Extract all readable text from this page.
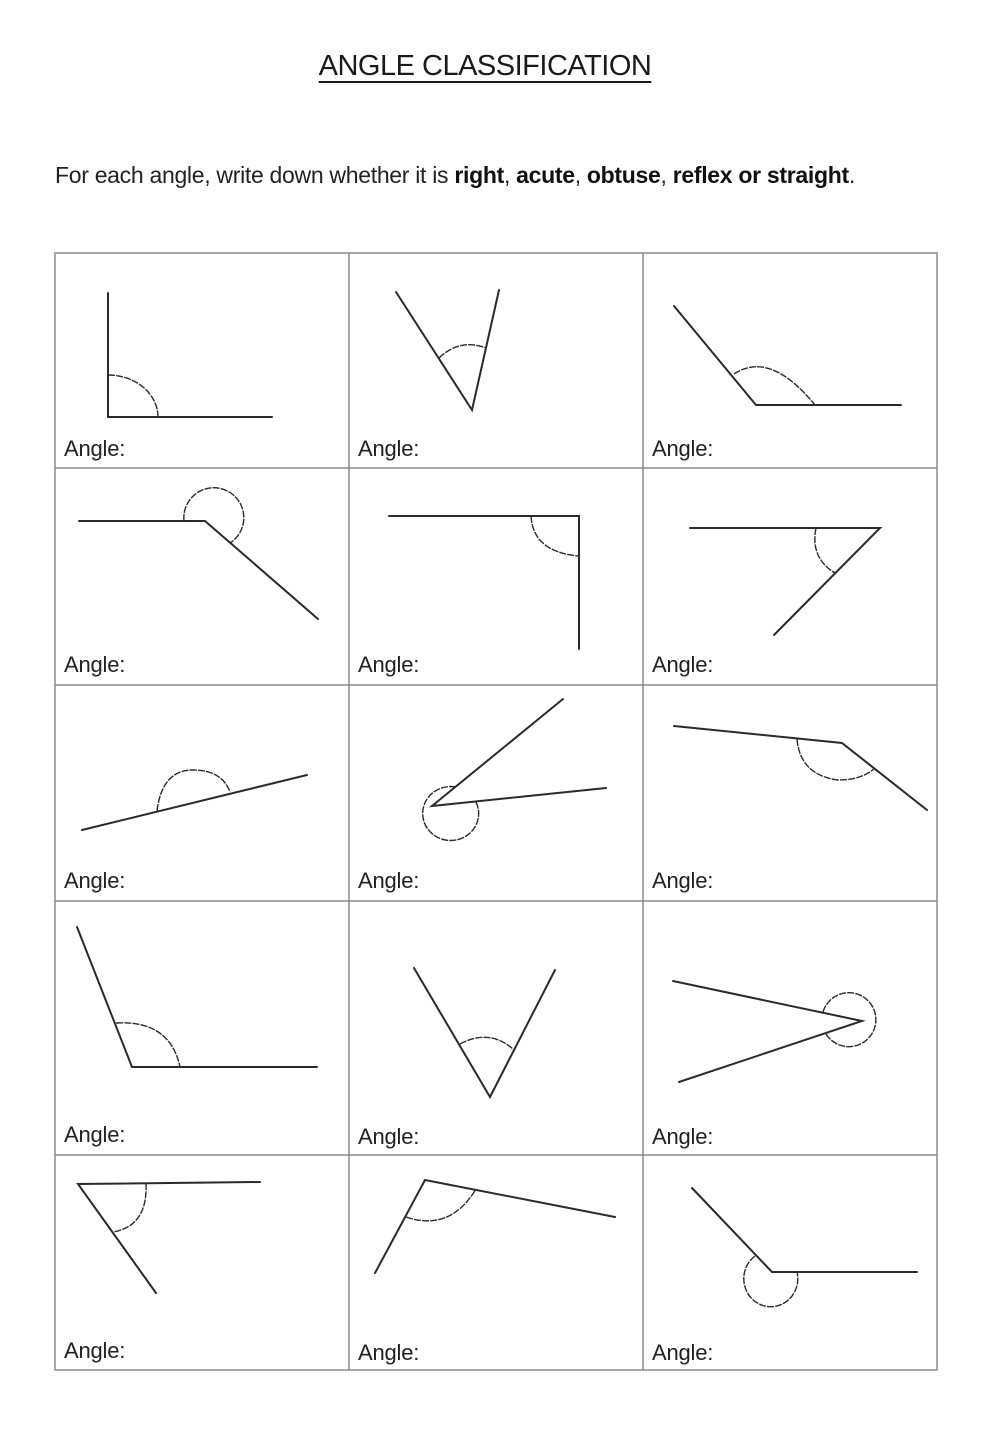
ANGLE CLASSIFICATION
For each angle, write down whether it is right, acute, obtuse, reflex or straight.
Angle:	Angle:	Angle:
Angle:	Angle:	Angle:
Angle:	Angle:	Angle:
Angle:	Angle:	Angle:
Angle:	Angle:	Angle:
